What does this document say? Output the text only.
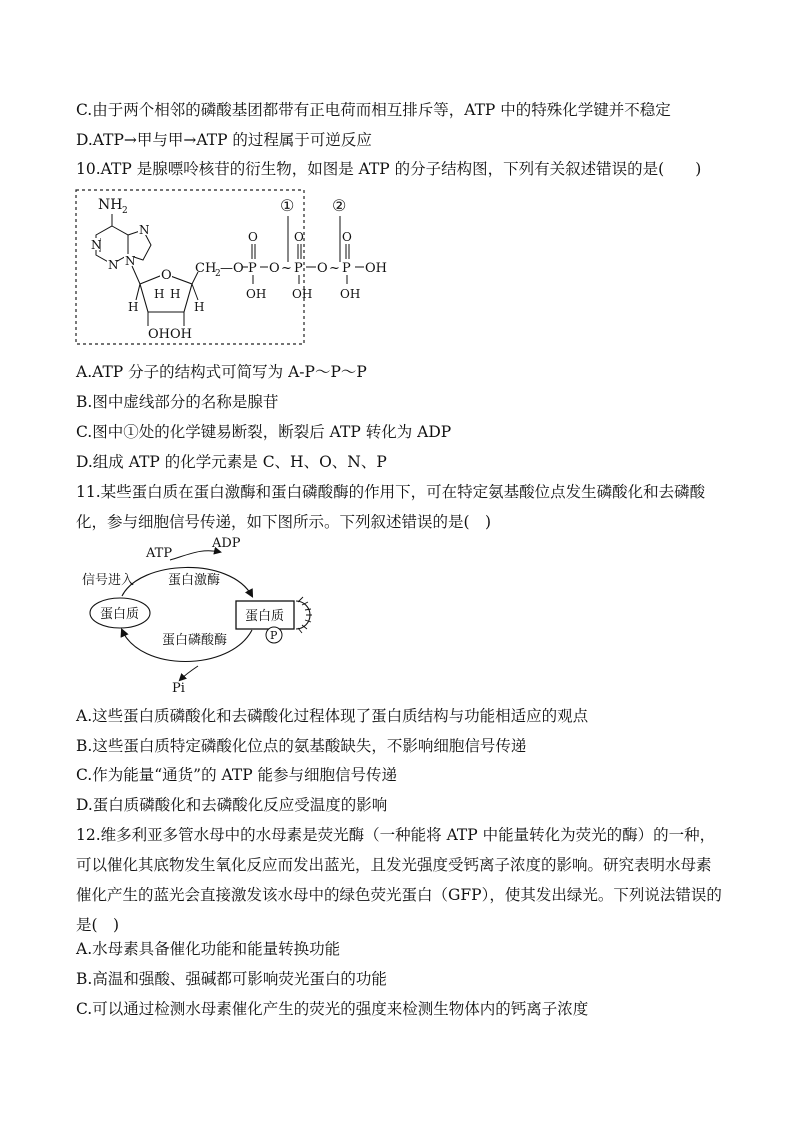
C.由于两个相邻的磷酸基团都带有正电荷而相互排斥等，ATP 中的特殊化学键并不稳定
D.ATP→甲与甲→ATP 的过程属于可逆反应
10.ATP 是腺嘌呤核苷的衍生物，如图是 ATP 的分子结构图，下列有关叙述错误的是(　　)
NH 2
N
N
N
N
O
H	H
H H
OHOH
CH
2 —O P
O
OH
O ~ P
O
OH
O ~ P
O
OH
OH
① ②
A.ATP 分子的结构式可简写为 A-P～P～P
B.图中虚线部分的名称是腺苷
C.图中①处的化学键易断裂，断裂后 ATP 转化为 ADP
D.组成 ATP 的化学元素是 C、H、O、N、P
11.某些蛋白质在蛋白激酶和蛋白磷酸酶的作用下，可在特定氨基酸位点发生磷酸化和去磷酸化，参与细胞信号传递，如下图所示。下列叙述错误的是(　)
ATP
ADP
信号进入	蛋白激酶
蛋白磷酸酶
Pi
蛋白质	蛋白质
P
A.这些蛋白质磷酸化和去磷酸化过程体现了蛋白质结构与功能相适应的观点
B.这些蛋白质特定磷酸化位点的氨基酸缺失，不影响细胞信号传递
C.作为能量“通货”的 ATP 能参与细胞信号传递
D.蛋白质磷酸化和去磷酸化反应受温度的影响
12.维多利亚多管水母中的水母素是荧光酶（一种能将 ATP 中能量转化为荧光的酶）的一种，可以催化其底物发生氧化反应而发出蓝光，且发光强度受钙离子浓度的影响。研究表明水母素催化产生的蓝光会直接激发该水母中的绿色荧光蛋白（GFP），使其发出绿光。下列说法错误的是(　)
A.水母素具备催化功能和能量转换功能
B.高温和强酸、强碱都可影响荧光蛋白的功能
C.可以通过检测水母素催化产生的荧光的强度来检测生物体内的钙离子浓度
